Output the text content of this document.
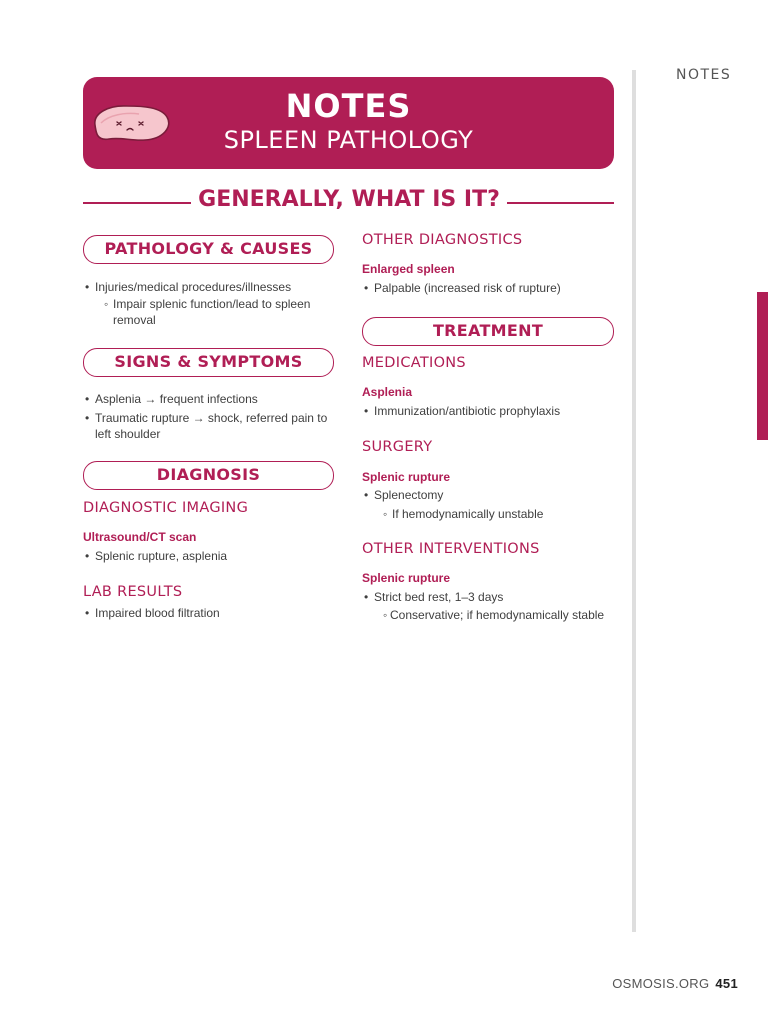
NOTES
SPLEEN PATHOLOGY
NOTES
GENERALLY, WHAT IS IT?
PATHOLOGY & CAUSES
• Injuries/medical procedures/illnesses
◦ Impair splenic function/lead to spleen removal
SIGNS & SYMPTOMS
• Asplenia → frequent infections
• Traumatic rupture → shock, referred pain to left shoulder
DIAGNOSIS
DIAGNOSTIC IMAGING
Ultrasound/CT scan
• Splenic rupture, asplenia
LAB RESULTS
• Impaired blood filtration
OTHER DIAGNOSTICS
Enlarged spleen
• Palpable (increased risk of rupture)
TREATMENT
MEDICATIONS
Asplenia
• Immunization/antibiotic prophylaxis
SURGERY
Splenic rupture
• Splenectomy
◦ If hemodynamically unstable
OTHER INTERVENTIONS
Splenic rupture
• Strict bed rest, 1–3 days
◦ Conservative; if hemodynamically stable
OSMOSIS.ORG 451
